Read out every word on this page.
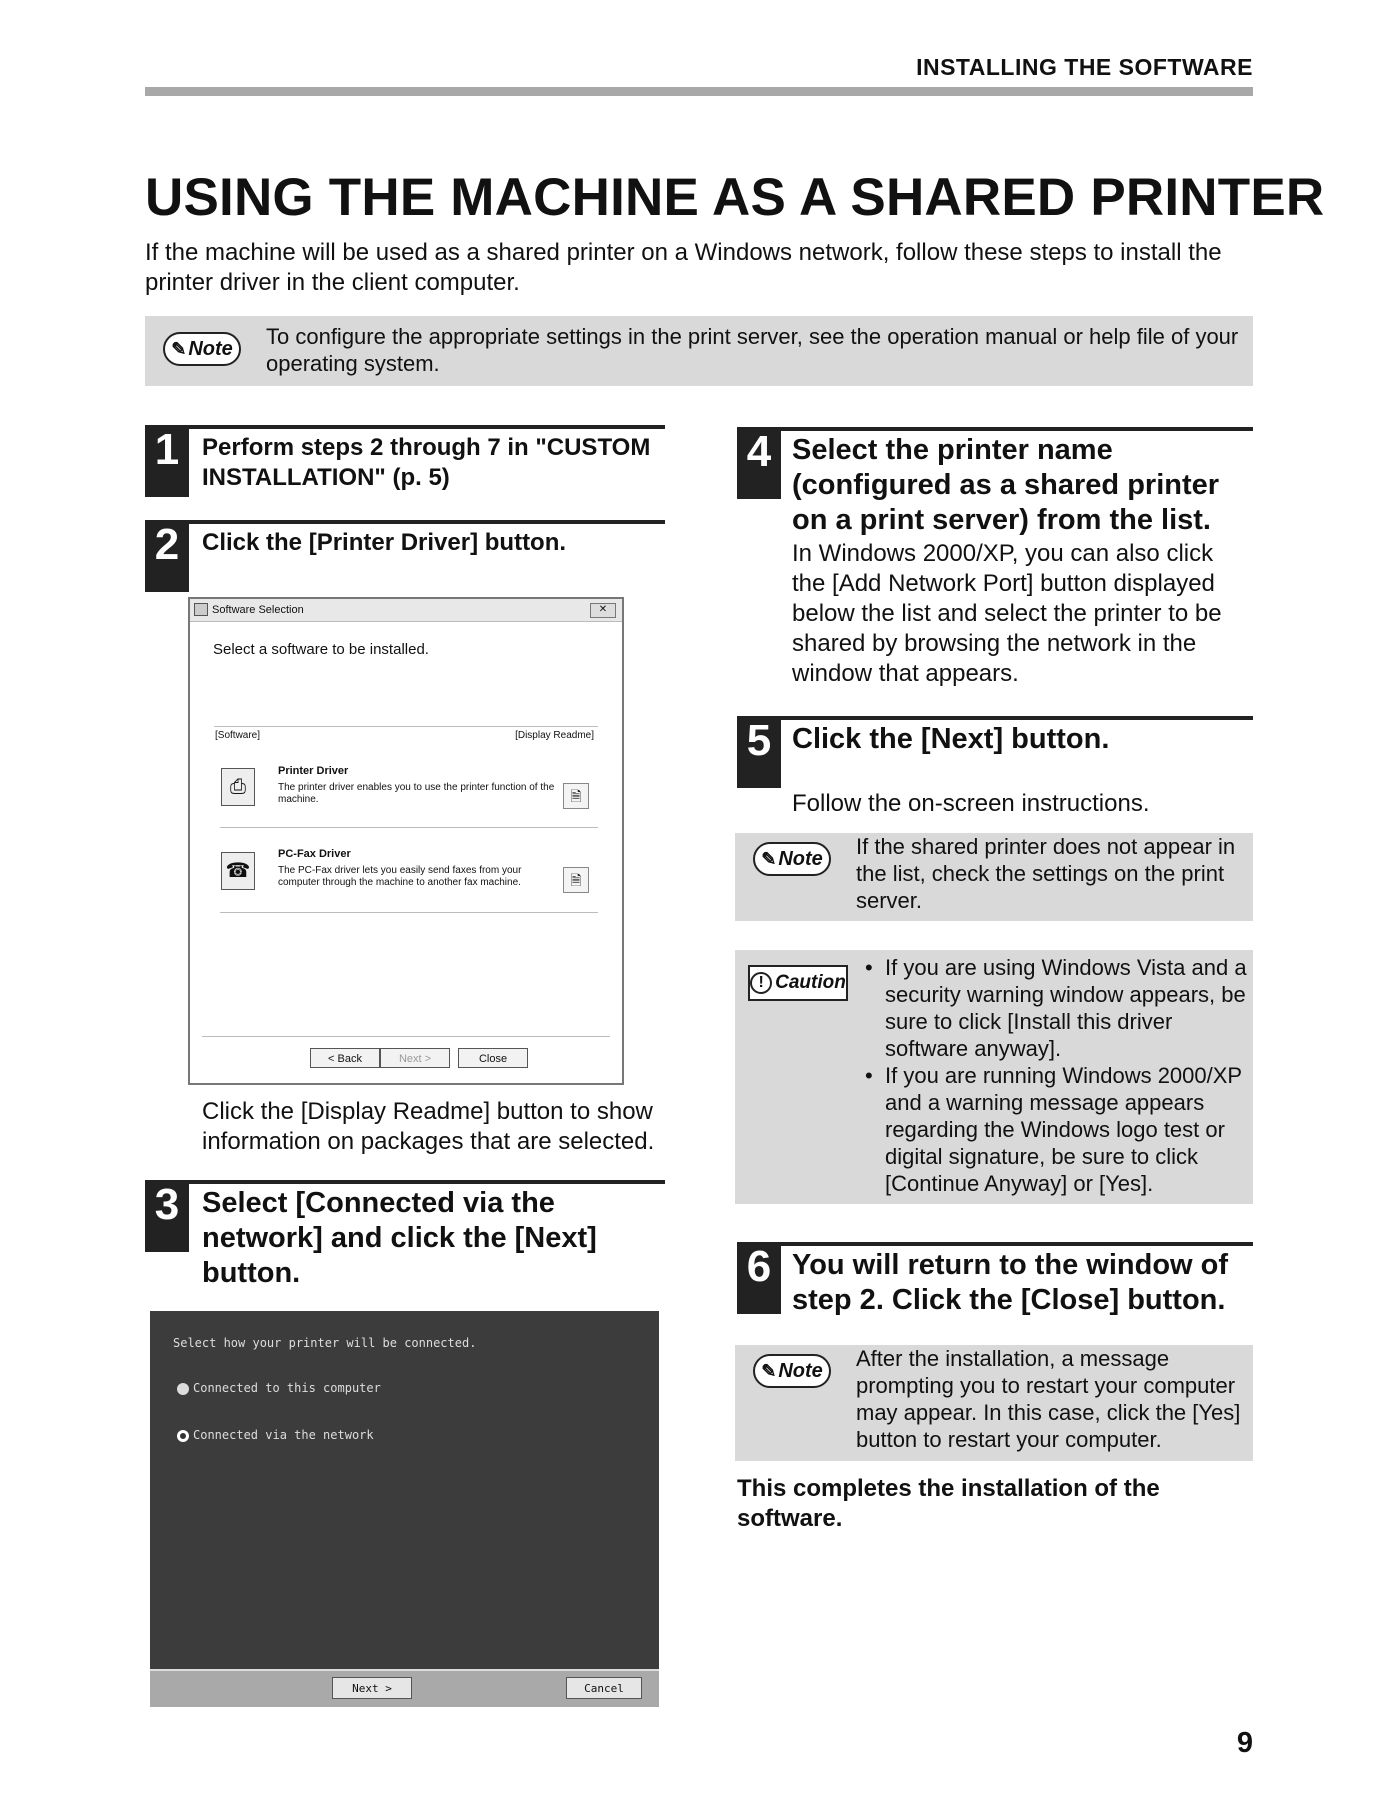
INSTALLING THE SOFTWARE
USING THE MACHINE AS A SHARED PRINTER
If the machine will be used as a shared printer on a Windows network, follow these steps to install the printer driver in the client computer.
✎ Note To configure the appropriate settings in the print server, see the operation manual or help file of your operating system.
1 Perform steps 2 through 7 in "CUSTOM INSTALLATION" (p. 5)
2 Click the [Printer Driver] button.
Software Selection	✕
Select a software to be installed.
[Software]	[Display Readme]
⎙
Printer Driver
The printer driver enables you to use the printer function of the machine.	🗎
☎
PC-Fax Driver
The PC-Fax driver lets you easily send faxes from your computer through the machine to another fax machine.	🗎
< Back	Next >	Close
Click the [Display Readme] button to show information on packages that are selected.
3 Select [Connected via the network] and click the [Next] button.
Select how your printer will be connected.
Connected to this computer
Connected via the network
Next >	Cancel
4 Select the printer name (configured as a shared printer on a print server) from the list.
In Windows 2000/XP, you can also click the [Add Network Port] button displayed below the list and select the printer to be shared by browsing the network in the window that appears.
5 Click the [Next] button.
Follow the on-screen instructions.
✎ Note If the shared printer does not appear in the list, check the settings on the print server.
! Caution
• If you are using Windows Vista and a security warning window appears, be sure to click [Install this driver software anyway].
• If you are running Windows 2000/XP and a warning message appears regarding the Windows logo test or digital signature, be sure to click [Continue Anyway] or [Yes].
6 You will return to the window of step 2. Click the [Close] button.
✎ Note After the installation, a message prompting you to restart your computer may appear. In this case, click the [Yes] button to restart your computer.
This completes the installation of the software.
9
